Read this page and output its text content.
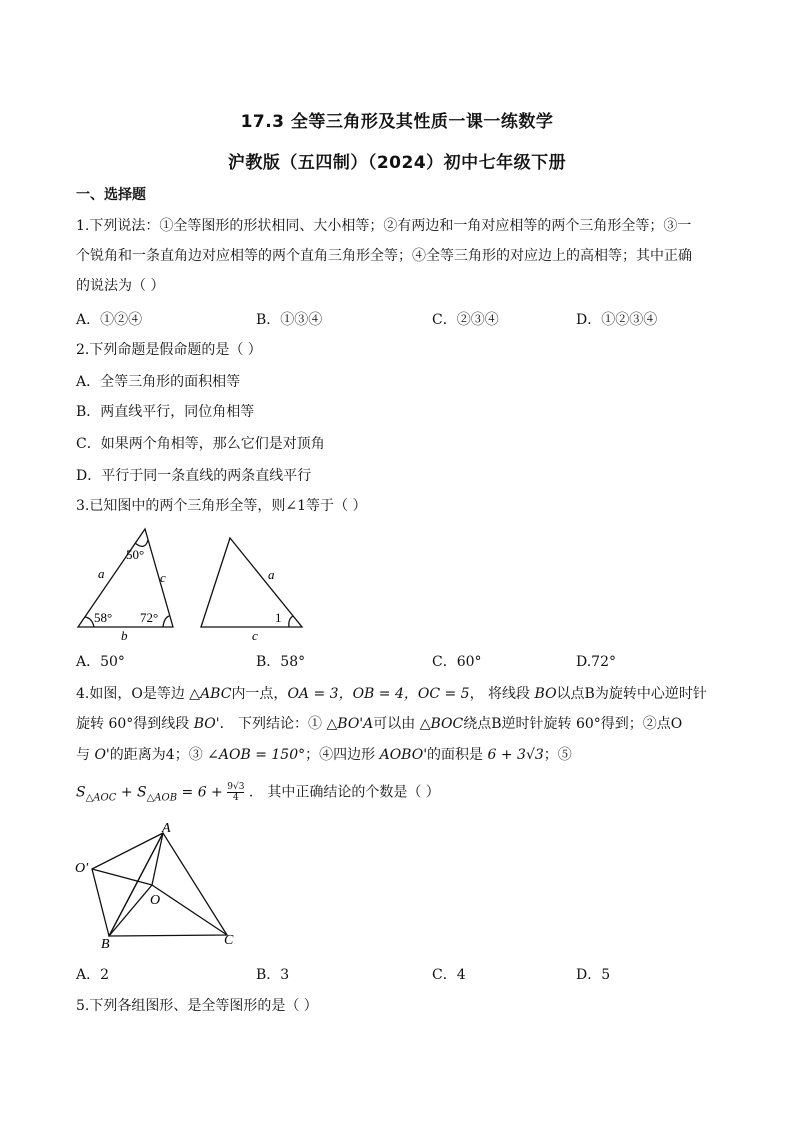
17.3 全等三角形及其性质一课一练数学
沪教版（五四制）（2024）初中七年级下册
一、选择题
1.下列说法：①全等图形的形状相同、大小相等；②有两边和一角对应相等的两个三角形全等；③一
个锐角和一条直角边对应相等的两个直角三角形全等；④全等三角形的对应边上的高相等；其中正确
的说法为（ ）
A．①②④	B．①③④	C．②③④	D．①②③④
2.下列命题是假命题的是（ ）
A．全等三角形的面积相等
B．两直线平行，同位角相等
C．如果两个角相等，那么它们是对顶角
D．平行于同一条直线的两条直线平行
3.已知图中的两个三角形全等，则∠1等于（ ）
50°
58° 72°
a	c
b
a
c
1
A．50°	B．58°	C．60°	D.72°
4.如图，O是等边 △ABC内一点，OA = 3，OB = 4，OC = 5， 将线段 BO以点B为旋转中心逆时针
旋转 60°得到线段 BO'． 下列结论：① △BO'A可以由 △BOC绕点B逆时针旋转 60°得到；②点O
与 O'的距离为4；③ ∠AOB = 150°；④四边形 AOBO'的面积是 6 + 3√3；⑤
$S_{\triangle AOC} + S_{\triangle AOB} = 6 + \frac{9√3}{4}$ ． 其中正确结论的个数是（ ）
A
O'
O
B	C
A．2	B．3	C．4	D．5
5.下列各组图形、是全等图形的是（ ）
